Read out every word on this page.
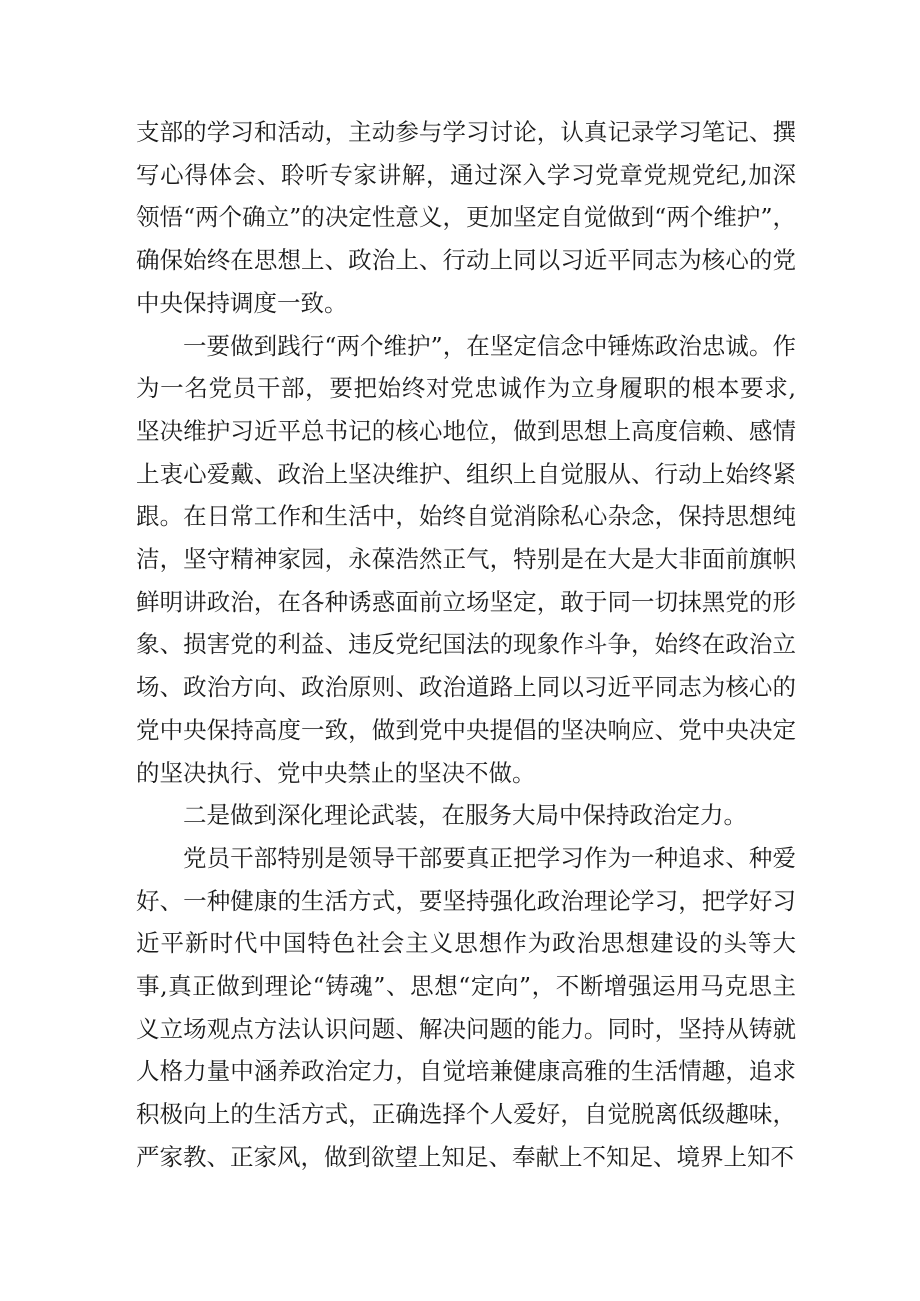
支部的学习和活动，主动参与学习讨论，认真记录学习笔记、撰写心得体会、聆听专家讲解，通过深入学习党章党规党纪,加深领悟“两个确立”的决定性意义，更加坚定自觉做到“两个维护”，确保始终在思想上、政治上、行动上同以习近平同志为核心的党中央保持调度一致。

一要做到践行“两个维护”，在坚定信念中锤炼政治忠诚。作为一名党员干部，要把始终对党忠诚作为立身履职的根本要求,坚决维护习近平总书记的核心地位，做到思想上高度信赖、感情上衷心爱戴、政治上坚决维护、组织上自觉服从、行动上始终紧跟。在日常工作和生活中，始终自觉消除私心杂念，保持思想纯洁，坚守精神家园，永葆浩然正气，特别是在大是大非面前旗帜鲜明讲政治，在各种诱惑面前立场坚定，敢于同一切抹黑党的形象、损害党的利益、违反党纪国法的现象作斗争，始终在政治立场、政治方向、政治原则、政治道路上同以习近平同志为核心的党中央保持高度一致，做到党中央提倡的坚决响应、党中央决定的坚决执行、党中央禁止的坚决不做。

二是做到深化理论武装，在服务大局中保持政治定力。

党员干部特别是领导干部要真正把学习作为一种追求、种爱好、一种健康的生活方式，要坚持强化政治理论学习，把学好习近平新时代中国特色社会主义思想作为政治思想建设的头等大事,真正做到理论“铸魂”、思想“定向”，不断增强运用马克思主义立场观点方法认识问题、解决问题的能力。同时，坚持从铸就人格力量中涵养政治定力，自觉培兼健康高雅的生活情趣，追求积极向上的生活方式，正确选择个人爱好，自觉脱离低级趣味，严家教、正家风，做到欲望上知足、奉献上不知足、境界上知不
